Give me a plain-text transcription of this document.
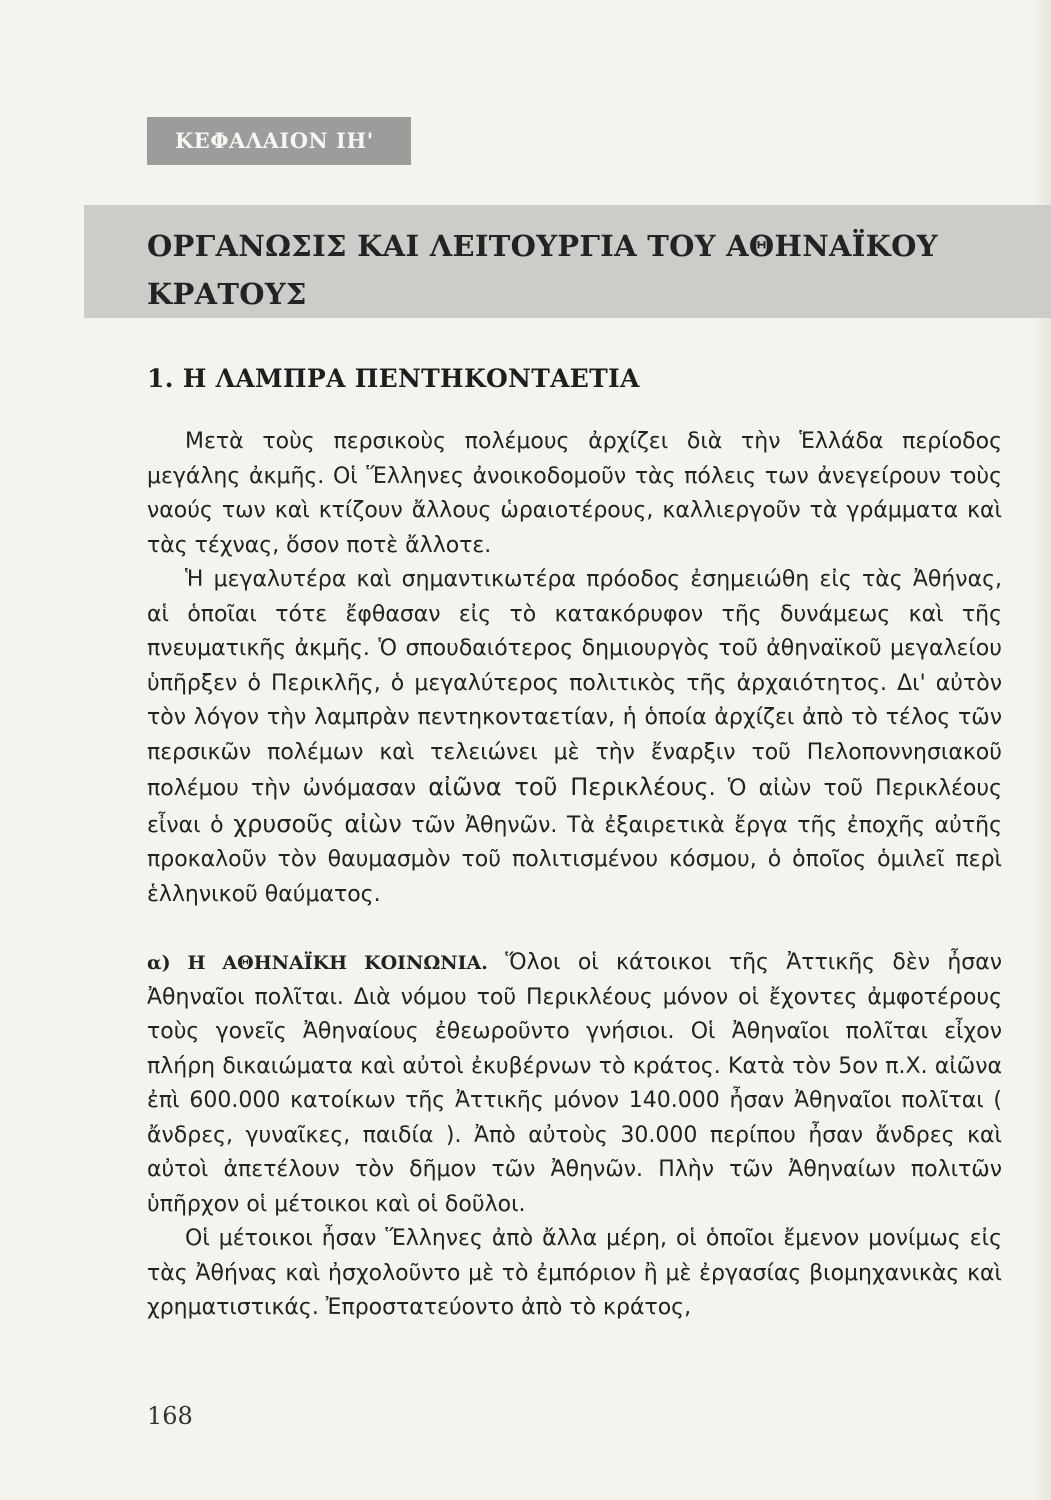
ΚΕΦΑΛΑΙΟΝ ΙΗ'
ΟΡΓΑΝΩΣΙΣ ΚΑΙ ΛΕΙΤΟΥΡΓΙΑ ΤΟΥ ΑΘΗΝΑΪΚΟΥ ΚΡΑΤΟΥΣ
1. Η ΛΑΜΠΡΑ ΠΕΝΤΗΚΟΝΤΑΕΤΙΑ

Μετὰ τοὺς περσικοὺς πολέμους ἀρχίζει διὰ τὴν Ἑλλάδα περίοδος μεγάλης ἀκμῆς. Οἱ Ἕλληνες ἀνοικοδομοῦν τὰς πόλεις των ἀνεγείρουν τοὺς ναούς των καὶ κτίζουν ἄλλους ὡραιοτέρους, καλλιεργοῦν τὰ γράμματα καὶ τὰς τέχνας, ὅσον ποτὲ ἄλλοτε.

Ἡ μεγαλυτέρα καὶ σημαντικωτέρα πρόοδος ἐσημειώθη εἰς τὰς Ἀθήνας, αἱ ὁποῖαι τότε ἔφθασαν εἰς τὸ κατακόρυφον τῆς δυνάμεως καὶ τῆς πνευματικῆς ἀκμῆς. Ὁ σπουδαιότερος δημιουργὸς τοῦ ἀθηναϊκοῦ μεγαλείου ὑπῆρξεν ὁ Περικλῆς, ὁ μεγαλύτερος πολιτικὸς τῆς ἀρχαιότητος. Δι' αὐτὸν τὸν λόγον τὴν λαμπρὰν πεντηκονταετίαν, ἡ ὁποία ἀρχίζει ἀπὸ τὸ τέλος τῶν περσικῶν πολέμων καὶ τελειώνει μὲ τὴν ἔναρξιν τοῦ Πελοποννησιακοῦ πολέμου τὴν ὠνόμασαν αἰῶνα τοῦ Περικλέους. Ὁ αἰὼν τοῦ Περικλέους εἶναι ὁ χρυσοῦς αἰὼν τῶν Ἀθηνῶν. Τὰ ἐξαιρετικὰ ἔργα τῆς ἐποχῆς αὐτῆς προκαλοῦν τὸν θαυμασμὸν τοῦ πολιτισμένου κόσμου, ὁ ὁποῖος ὁμιλεῖ περὶ ἑλληνικοῦ θαύματος.

α) Η ΑΘΗΝΑΪΚΗ ΚΟΙΝΩΝΙΑ. Ὅλοι οἱ κάτοικοι τῆς Ἀττικῆς δὲν ἦσαν Ἀθηναῖοι πολῖται. Διὰ νόμου τοῦ Περικλέους μόνον οἱ ἔχοντες ἀμφοτέρους τοὺς γονεῖς Ἀθηναίους ἐθεωροῦντο γνήσιοι. Οἱ Ἀθηναῖοι πολῖται εἶχον πλήρη δικαιώματα καὶ αὐτοὶ ἐκυβέρνων τὸ κράτος. Κατὰ τὸν 5ον π.Χ. αἰῶνα ἐπὶ 600.000 κατοίκων τῆς Ἀττικῆς μόνον 140.000 ἦσαν Ἀθηναῖοι πολῖται ( ἄνδρες, γυναῖκες, παιδία ). Ἀπὸ αὐτοὺς 30.000 περίπου ἦσαν ἄνδρες καὶ αὐτοὶ ἀπετέλουν τὸν δῆμον τῶν Ἀθηνῶν. Πλὴν τῶν Ἀθηναίων πολιτῶν ὑπῆρχον οἱ μέτοικοι καὶ οἱ δοῦλοι.

Οἱ μέτοικοι ἦσαν Ἕλληνες ἀπὸ ἄλλα μέρη, οἱ ὁποῖοι ἔμενον μονίμως εἰς τὰς Ἀθήνας καὶ ἠσχολοῦντο μὲ τὸ ἐμπόριον ἢ μὲ ἐργασίας βιομηχανικὰς καὶ χρηματιστικάς. Ἐπροστατεύοντο ἀπὸ τὸ κράτος,

168
